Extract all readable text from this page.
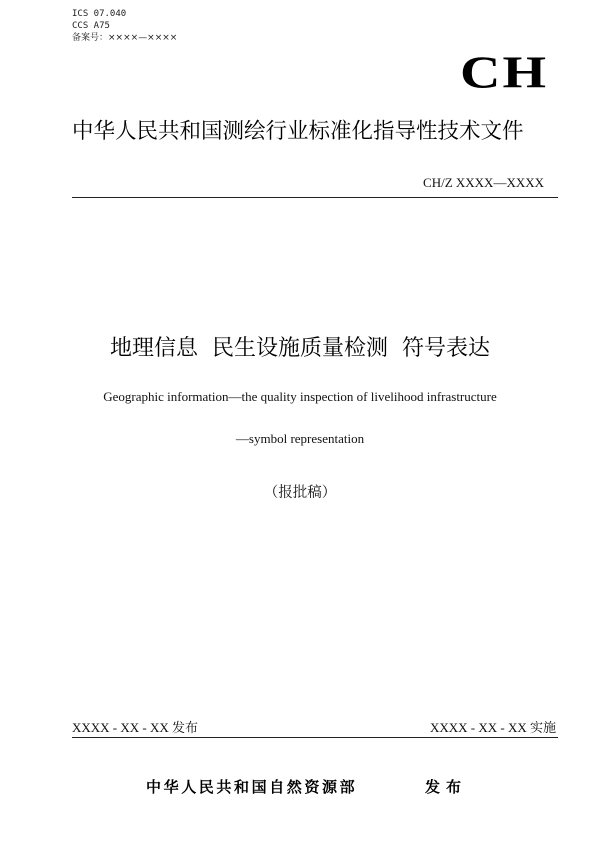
ICS 07.040
CCS A75
备案号：××××—××××
CH
中华人民共和国测绘行业标准化指导性技术文件
CH/Z XXXX—XXXX
地理信息  民生设施质量检测  符号表达
Geographic information—the quality inspection of livelihood infrastructure
—symbol representation
（报批稿）
XXXX - XX - XX 发布	XXXX - XX - XX 实施
中华人民共和国自然资源部	发布
